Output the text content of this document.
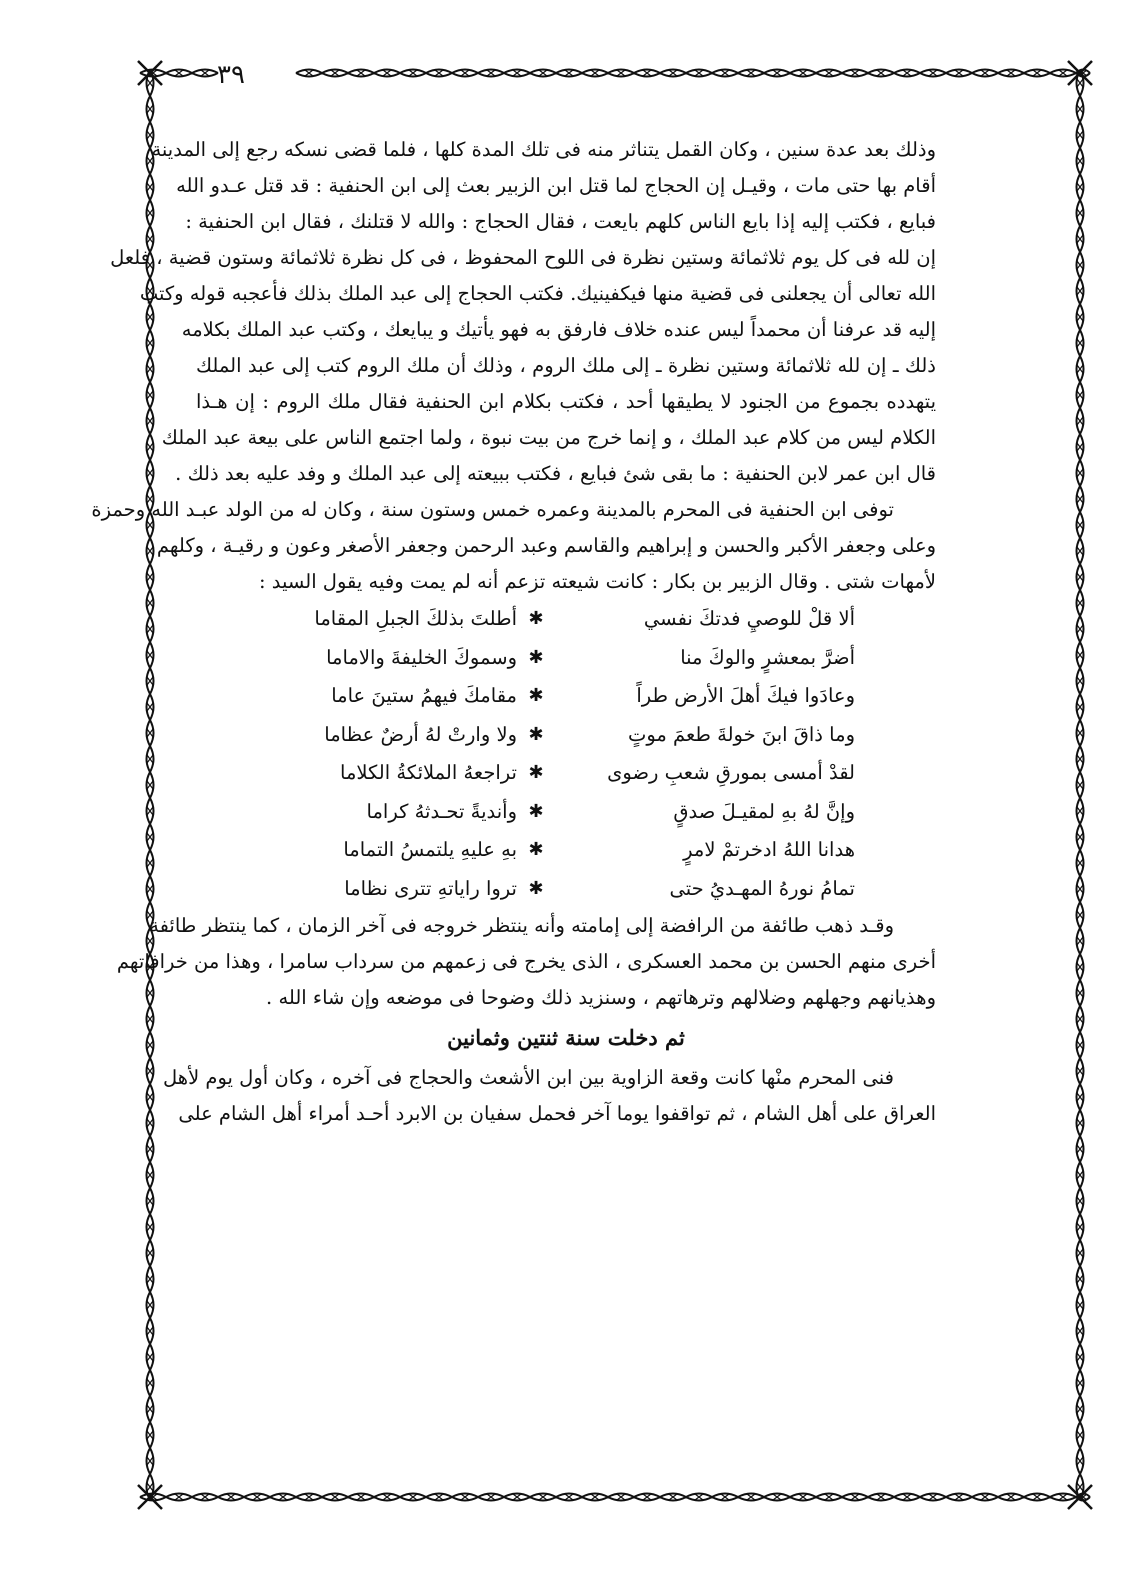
٣٩
وذلك بعد عدة سنين ، وكان القمل يتناثر منه فى تلك المدة كلها ، فلما قضى نسكه رجع إلى المدينة
أقام بها حتى مات ، وقيـل إن الحجاج لما قتل ابن الزبير بعث إلى ابن الحنفية : قد قتل عـدو الله
فبايع ، فكتب إليه إذا بايع الناس كلهم بايعت ، فقال الحجاج : والله لا قتلنك ، فقال ابن الحنفية :
إن لله فى كل يوم ثلاثمائة وستين نظرة فى اللوح المحفوظ ، فى كل نظرة ثلاثمائة وستون قضية ، فلعل
الله تعالى أن يجعلنى فى قضية منها فيكفينيك. فكتب الحجاج إلى عبد الملك بذلك فأعجبه قوله وكتب
إليه قد عرفنا أن محمداً ليس عنده خلاف فارفق به فهو يأتيك و يبايعك ، وكتب عبد الملك بكلامه
ذلك ـ إن لله ثلاثمائة وستين نظرة ـ إلى ملك الروم ، وذلك أن ملك الروم كتب إلى عبد الملك
يتهدده بجموع من الجنود لا يطيقها أحد ، فكتب بكلام ابن الحنفية فقال ملك الروم : إن هـذا
الكلام ليس من كلام عبد الملك ، و إنما خرج من بيت نبوة ، ولما اجتمع الناس على بيعة عبد الملك
قال ابن عمر لابن الحنفية : ما بقى شئ فبايع ، فكتب ببيعته إلى عبد الملك و وفد عليه بعد ذلك .
توفى ابن الحنفية فى المحرم بالمدينة وعمره خمس وستون سنة ، وكان له من الولد عبـد الله وحمزة
وعلى وجعفر الأكبر والحسن و إبراهيم والقاسم وعبد الرحمن وجعفر الأصغر وعون و رقيـة ، وكلهم
لأمهات شتى . وقال الزبير بن بكار : كانت شيعته تزعم أنه لم يمت وفيه يقول السيد :
ألا قلْ للوصيِ فدتكَ نفسي
✱
أطلتَ بذلكَ الجبلِ المقاما
أضرَّ بمعشرٍ والوكَ منا
✱
وسموكَ الخليفةَ والاماما
وعادَوا فيكَ أهلَ الأرض طراً
✱
مقامكَ فيهمُ ستينَ عاما
وما ذاقَ ابنَ خولةَ طعمَ موتٍ
✱
ولا وارتْ لهُ أرضٌ عظاما
لقدْ أمسى بمورقِ شعبِ رضوى
✱
تراجعهُ الملائكةُ الكلاما
وإنَّ لهُ بهِ لمقيـلَ صدقٍ
✱
وأنديةً تحـدثهُ كراما
هدانا اللهُ ادخرتمْ لامرٍ
✱
بهِ عليهِ يلتمسُ التماما
تمامُ نورهُ المهـديُ حتى
✱
تروا راياتهِ تترى نظاما
وقـد ذهب طائفة من الرافضة إلى إمامته وأنه ينتظر خروجه فى آخر الزمان ، كما ينتظر طائفة
أخرى منهم الحسن بن محمد العسكرى ، الذى يخرج فى زعمهم من سرداب سامرا ، وهذا من خرافاتهم
وهذيانهم وجهلهم وضلالهم وترهاتهم ، وسنزيد ذلك وضوحا فى موضعه وإن شاء الله .
ثم دخلت سنة ثنتين وثمانين
فنى المحرم منْها كانت وقعة الزاوية بين ابن الأشعث والحجاج فى آخره ، وكان أول يوم لأهل
العراق على أهل الشام ، ثم تواقفوا يوما آخر فحمل سفيان بن الابرد أحـد أمراء أهل الشام على
